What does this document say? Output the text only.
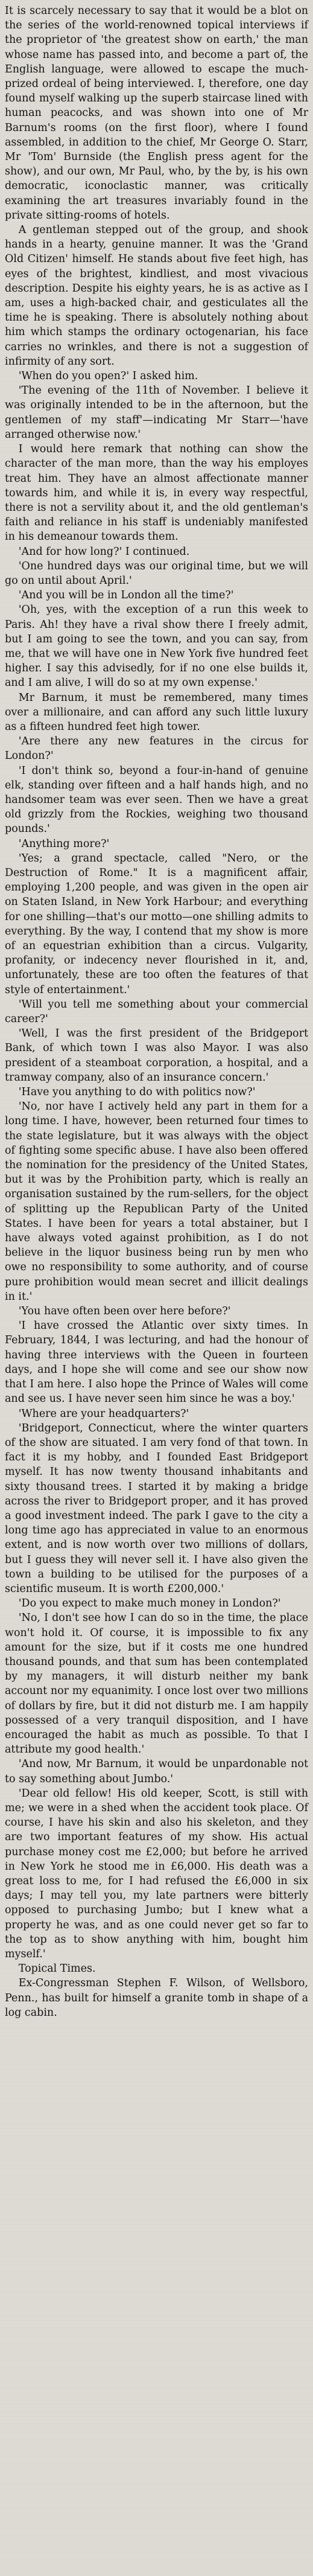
It is scarcely necessary to say that it would be a blot on the series of the world-renowned topical interviews if the proprietor of 'the greatest show on earth,' the man whose name has passed into, and become a part of, the English language, were allowed to escape the much-prized ordeal of being interviewed. I, therefore, one day found myself walking up the superb staircase lined with human peacocks, and was shown into one of Mr Barnum's rooms (on the first floor), where I found assembled, in addition to the chief, Mr George O. Starr, Mr 'Tom' Burnside (the English press agent for the show), and our own, Mr Paul, who, by the by, is his own democratic, iconoclastic manner, was critically examining the art treasures invariably found in the private sitting-rooms of hotels.

A gentleman stepped out of the group, and shook hands in a hearty, genuine manner. It was the 'Grand Old Citizen' himself. He stands about five feet high, has eyes of the brightest, kindliest, and most vivacious description. Despite his eighty years, he is as active as I am, uses a high-backed chair, and gesticulates all the time he is speaking. There is absolutely nothing about him which stamps the ordinary octogenarian, his face carries no wrinkles, and there is not a suggestion of infirmity of any sort.

'When do you open?' I asked him.

'The evening of the 11th of November. I believe it was originally intended to be in the afternoon, but the gentlemen of my staff'—indicating Mr Starr—'have arranged otherwise now.'

I would here remark that nothing can show the character of the man more, than the way his employes treat him. They have an almost affectionate manner towards him, and while it is, in every way respectful, there is not a servility about it, and the old gentleman's faith and reliance in his staff is undeniably manifested in his demeanour towards them.

'And for how long?' I continued.

'One hundred days was our original time, but we will go on until about April.'

'And you will be in London all the time?'

'Oh, yes, with the exception of a run this week to Paris. Ah! they have a rival show there I freely admit, but I am going to see the town, and you can say, from me, that we will have one in New York five hundred feet higher. I say this advisedly, for if no one else builds it, and I am alive, I will do so at my own expense.'

Mr Barnum, it must be remembered, many times over a millionaire, and can afford any such little luxury as a fifteen hundred feet high tower.

'Are there any new features in the circus for London?'

'I don't think so, beyond a four-in-hand of genuine elk, standing over fifteen and a half hands high, and no handsomer team was ever seen. Then we have a great old grizzly from the Rockies, weighing two thousand pounds.'

'Anything more?'

'Yes; a grand spectacle, called "Nero, or the Destruction of Rome." It is a magnificent affair, employing 1,200 people, and was given in the open air on Staten Island, in New York Harbour; and everything for one shilling—that's our motto—one shilling admits to everything. By the way, I contend that my show is more of an equestrian exhibition than a circus. Vulgarity, profanity, or indecency never flourished in it, and, unfortunately, these are too often the features of that style of entertainment.'

'Will you tell me something about your commercial career?'

'Well, I was the first president of the Bridgeport Bank, of which town I was also Mayor. I was also president of a steamboat corporation, a hospital, and a tramway company, also of an insurance concern.'

'Have you anything to do with politics now?'

'No, nor have I actively held any part in them for a long time. I have, however, been returned four times to the state legislature, but it was always with the object of fighting some specific abuse. I have also been offered the nomination for the presidency of the United States, but it was by the Prohibition party, which is really an organisation sustained by the rum-sellers, for the object of splitting up the Republican Party of the United States. I have been for years a total abstainer, but I have always voted against prohibition, as I do not believe in the liquor business being run by men who owe no responsibility to some authority, and of course pure prohibition would mean secret and illicit dealings in it.'

'You have often been over here before?'

'I have crossed the Atlantic over sixty times. In February, 1844, I was lecturing, and had the honour of having three interviews with the Queen in fourteen days, and I hope she will come and see our show now that I am here. I also hope the Prince of Wales will come and see us. I have never seen him since he was a boy.'

'Where are your headquarters?'

'Bridgeport, Connecticut, where the winter quarters of the show are situated. I am very fond of that town. In fact it is my hobby, and I founded East Bridgeport myself. It has now twenty thousand inhabitants and sixty thousand trees. I started it by making a bridge across the river to Bridgeport proper, and it has proved a good investment indeed. The park I gave to the city a long time ago has appreciated in value to an enormous extent, and is now worth over two millions of dollars, but I guess they will never sell it. I have also given the town a building to be utilised for the purposes of a scientific museum. It is worth £200,000.'

'Do you expect to make much money in London?'

'No, I don't see how I can do so in the time, the place won't hold it. Of course, it is impossible to fix any amount for the size, but if it costs me one hundred thousand pounds, and that sum has been contemplated by my managers, it will disturb neither my bank account nor my equanimity. I once lost over two millions of dollars by fire, but it did not disturb me. I am happily possessed of a very tranquil disposition, and I have encouraged the habit as much as possible. To that I attribute my good health.'

'And now, Mr Barnum, it would be unpardonable not to say something about Jumbo.'

'Dear old fellow! His old keeper, Scott, is still with me; we were in a shed when the accident took place. Of course, I have his skin and also his skeleton, and they are two important features of my show. His actual purchase money cost me £2,000; but before he arrived in New York he stood me in £6,000. His death was a great loss to me, for I had refused the £6,000 in six days; I may tell you, my late partners were bitterly opposed to purchasing Jumbo; but I knew what a property he was, and as one could never get so far to the top as to show anything with him, bought him myself.'

Topical Times.

Ex-Congressman Stephen F. Wilson, of Wellsboro, Penn., has built for himself a granite tomb in shape of a log cabin.
